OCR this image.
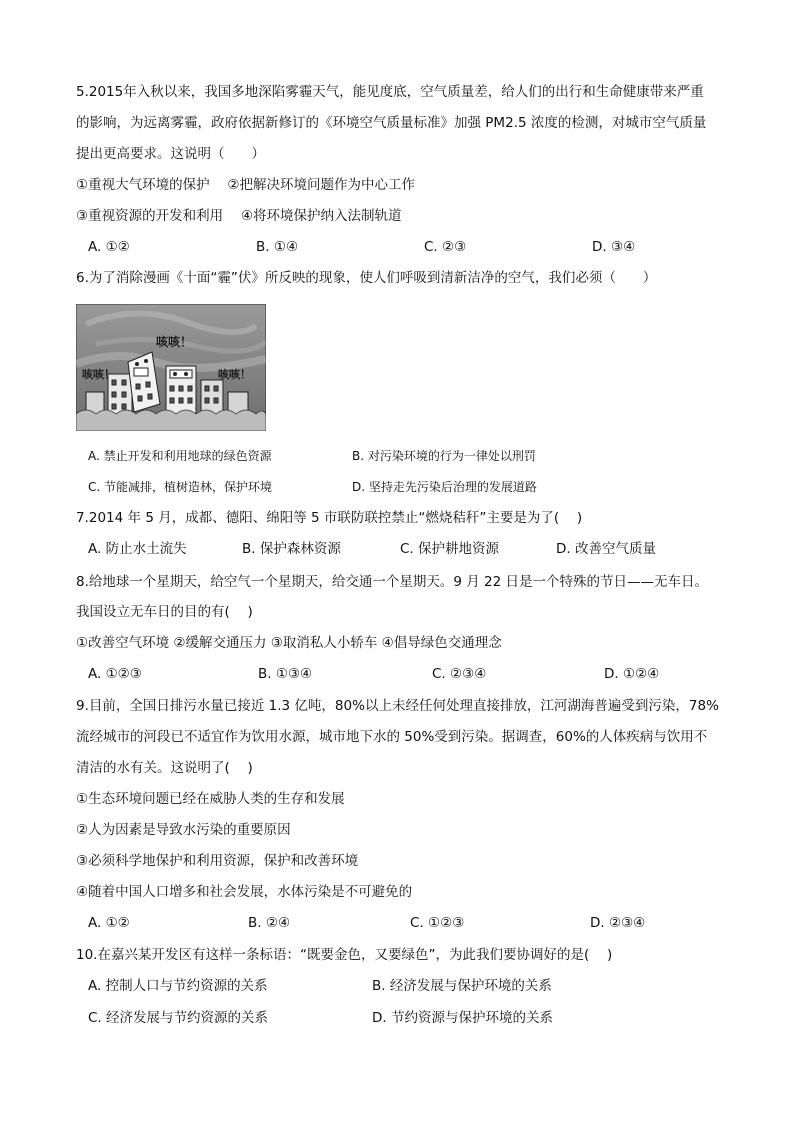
5.2015年入秋以来，我国多地深陷雾霾天气，能见度底，空气质量差，给人们的出行和生命健康带来严重
的影响，为远离雾霾，政府依据新修订的《环境空气质量标准》加强 PM2.5 浓度的检测，对城市空气质量
提出更高要求。这说明（　　）
①重视大气环境的保护　 ②把解决环境问题作为中心工作
③重视资源的开发和利用　 ④将环境保护纳入法制轨道
A. ①②	B. ①④	C. ②③	D. ③④
6.为了消除漫画《十面“霾”伏》所反映的现象，使人们呼吸到清新洁净的空气，我们必须（　　）
咳咳！
咳咳！	咳咳！
A. 禁止开发和利用地球的绿色资源	B. 对污染环境的行为一律处以刑罚
C. 节能减排，植树造林，保护环境	D. 坚持走先污染后治理的发展道路
7.2014 年 5 月，成都、德阳、绵阳等 5 市联防联控禁止“燃烧秸秆”主要是为了(　 )
A. 防止水土流失	B. 保护森林资源	C. 保护耕地资源	D. 改善空气质量
8.给地球一个星期天，给空气一个星期天，给交通一个星期天。9 月 22 日是一个特殊的节日——无车日。
我国设立无车日的目的有(　 )
①改善空气环境 ②缓解交通压力 ③取消私人小轿车 ④倡导绿色交通理念
A. ①②③	B. ①③④	C. ②③④	D. ①②④
9.目前，全国日排污水量已接近 1.3 亿吨，80%以上未经任何处理直接排放，江河湖海普遍受到污染，78%
流经城市的河段已不适宜作为饮用水源，城市地下水的 50%受到污染。据调查，60%的人体疾病与饮用不
清洁的水有关。这说明了(　 )
①生态环境问题已经在威胁人类的生存和发展
②人为因素是导致水污染的重要原因
③必须科学地保护和利用资源，保护和改善环境
④随着中国人口增多和社会发展，水体污染是不可避免的
A. ①②	B. ②④	C. ①②③	D. ②③④
10.在嘉兴某开发区有这样一条标语：“既要金色，又要绿色”，为此我们要协调好的是(　 )
A. 控制人口与节约资源的关系	B. 经济发展与保护环境的关系
C. 经济发展与节约资源的关系	D. 节约资源与保护环境的关系
